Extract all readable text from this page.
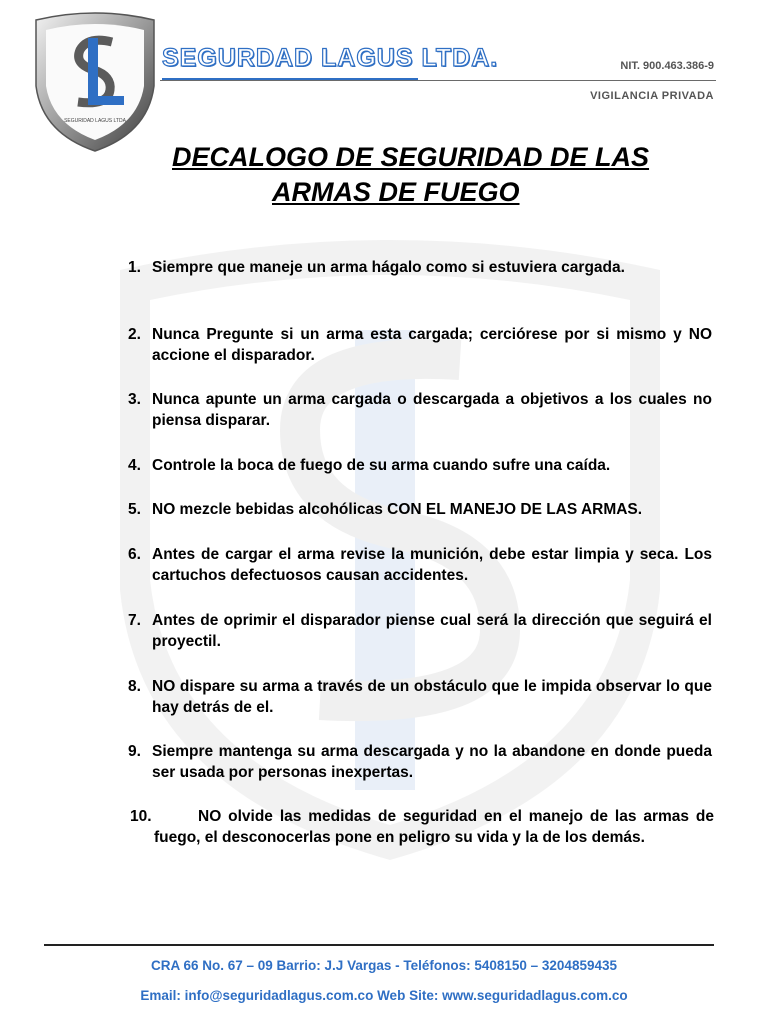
SEGURIDAD LAGUS LTDA
SEGURDAD LAGUS LTDA.	NIT. 900.463.386-9
VIGILANCIA PRIVADA
DECALOGO DE SEGURIDAD DE LAS
ARMAS DE FUEGO
1. Siempre que maneje un arma hágalo como si estuviera cargada.
2. Nunca Pregunte si un arma esta cargada; cerciórese por si mismo y NO accione el disparador.
3. Nunca apunte un arma cargada o descargada a objetivos a los cuales no piensa disparar.
4. Controle la boca de fuego de su arma cuando sufre una caída.
5. NO mezcle bebidas alcohólicas CON EL MANEJO DE LAS ARMAS.
6. Antes de cargar el arma revise la munición, debe estar limpia y seca. Los cartuchos defectuosos causan accidentes.
7. Antes de oprimir el disparador piense cual será la dirección que seguirá el proyectil.
8. NO dispare su arma a través de un obstáculo que le impida observar lo que hay detrás de el.
9. Siempre mantenga su arma descargada y no la abandone en donde pueda ser usada por personas inexpertas.
10.	NO olvide las medidas de seguridad en el manejo de las armas de fuego, el desconocerlas pone en peligro su vida y la de los demás.
CRA 66 No. 67 – 09 Barrio: J.J Vargas - Teléfonos: 5408150 – 3204859435
Email: info@seguridadlagus.com.co Web Site: www.seguridadlagus.com.co
